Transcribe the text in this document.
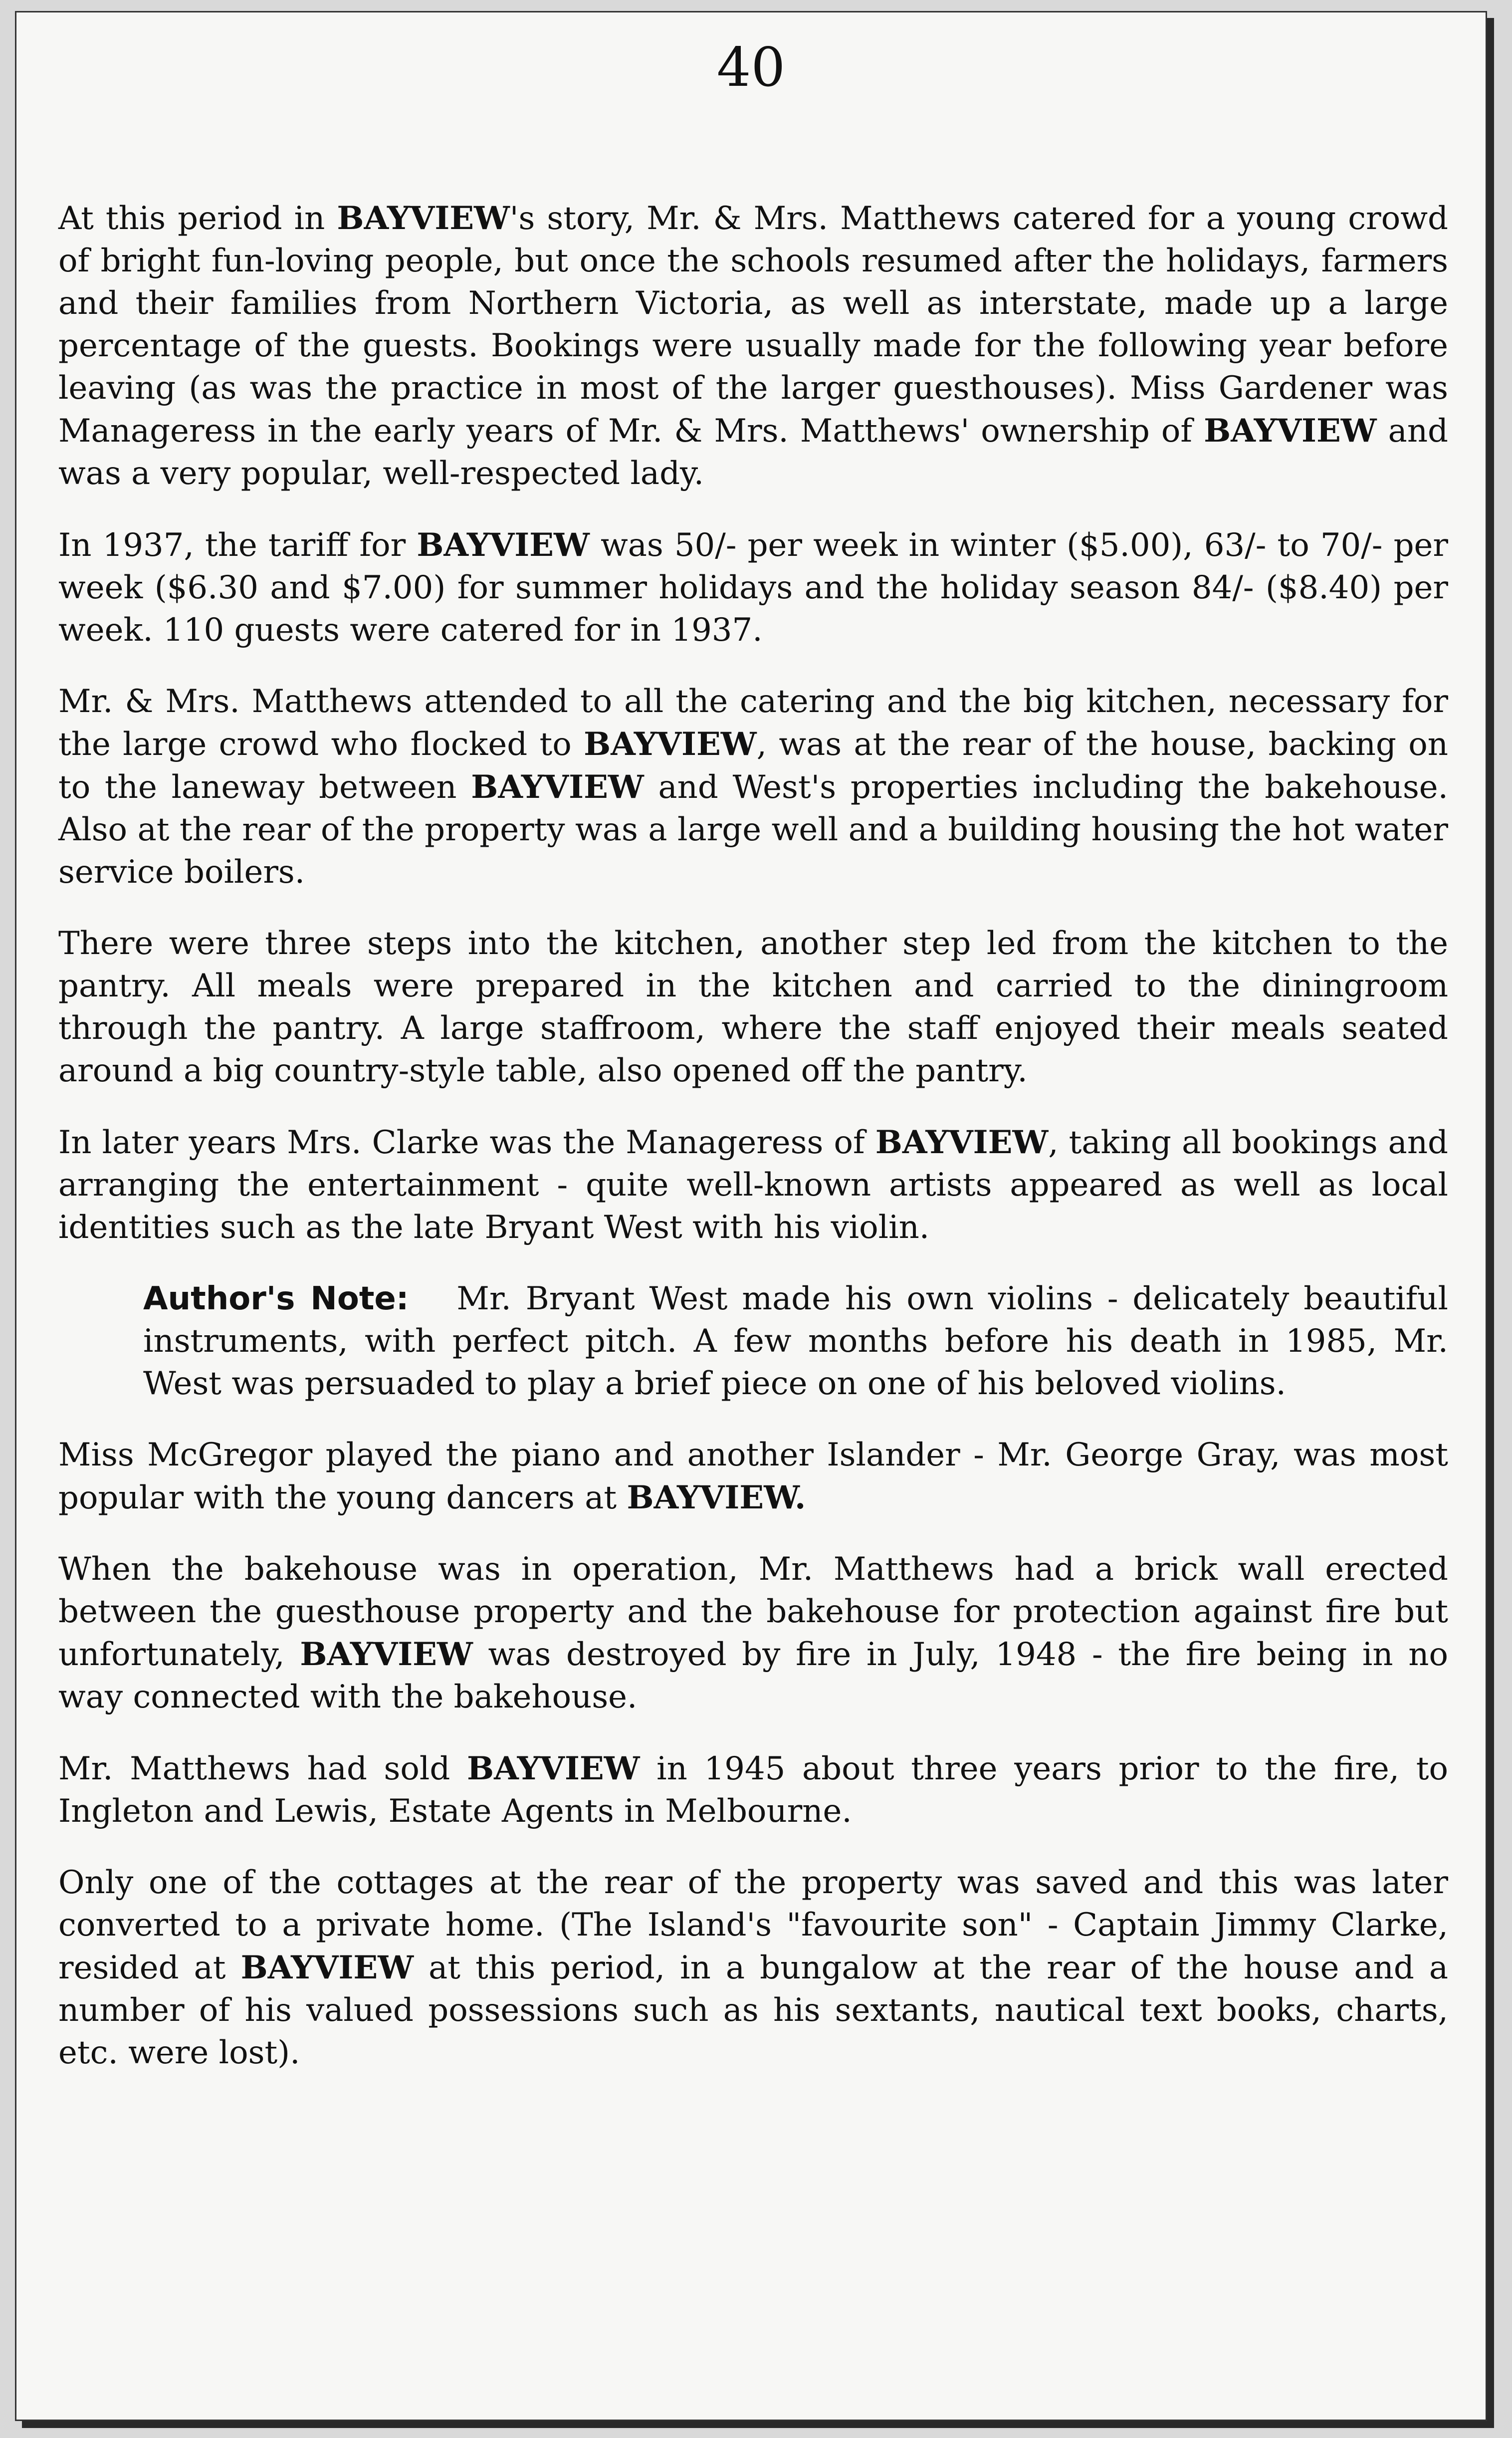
40

At this period in BAYVIEW's story, Mr. & Mrs. Matthews catered for a young crowd of bright fun-loving people, but once the schools resumed after the holidays, farmers and their families from Northern Victoria, as well as interstate, made up a large percentage of the guests. Bookings were usually made for the following year before leaving (as was the practice in most of the larger guesthouses). Miss Gardener was Manageress in the early years of Mr. & Mrs. Matthews' ownership of BAYVIEW and was a very popular, well-respected lady.

In 1937, the tariff for BAYVIEW was 50/- per week in winter ($5.00), 63/- to 70/- per week ($6.30 and $7.00) for summer holidays and the holiday season 84/- ($8.40) per week. 110 guests were catered for in 1937.

Mr. & Mrs. Matthews attended to all the catering and the big kitchen, necessary for the large crowd who flocked to BAYVIEW, was at the rear of the house, backing on to the laneway between BAYVIEW and West's properties including the bakehouse. Also at the rear of the property was a large well and a building housing the hot water service boilers.

There were three steps into the kitchen, another step led from the kitchen to the pantry. All meals were prepared in the kitchen and carried to the diningroom through the pantry. A large staffroom, where the staff enjoyed their meals seated around a big country-style table, also opened off the pantry.

In later years Mrs. Clarke was the Manageress of BAYVIEW, taking all bookings and arranging the entertainment - quite well-known artists appeared as well as local identities such as the late Bryant West with his violin.

Author's Note: Mr. Bryant West made his own violins - delicately beautiful instruments, with perfect pitch. A few months before his death in 1985, Mr. West was persuaded to play a brief piece on one of his beloved violins.

Miss McGregor played the piano and another Islander - Mr. George Gray, was most popular with the young dancers at BAYVIEW.

When the bakehouse was in operation, Mr. Matthews had a brick wall erected between the guesthouse property and the bakehouse for protection against fire but unfortunately, BAYVIEW was destroyed by fire in July, 1948 - the fire being in no way connected with the bakehouse.

Mr. Matthews had sold BAYVIEW in 1945 about three years prior to the fire, to Ingleton and Lewis, Estate Agents in Melbourne.

Only one of the cottages at the rear of the property was saved and this was later converted to a private home. (The Island's "favourite son" - Captain Jimmy Clarke, resided at BAYVIEW at this period, in a bungalow at the rear of the house and a number of his valued possessions such as his sextants, nautical text books, charts, etc. were lost).
